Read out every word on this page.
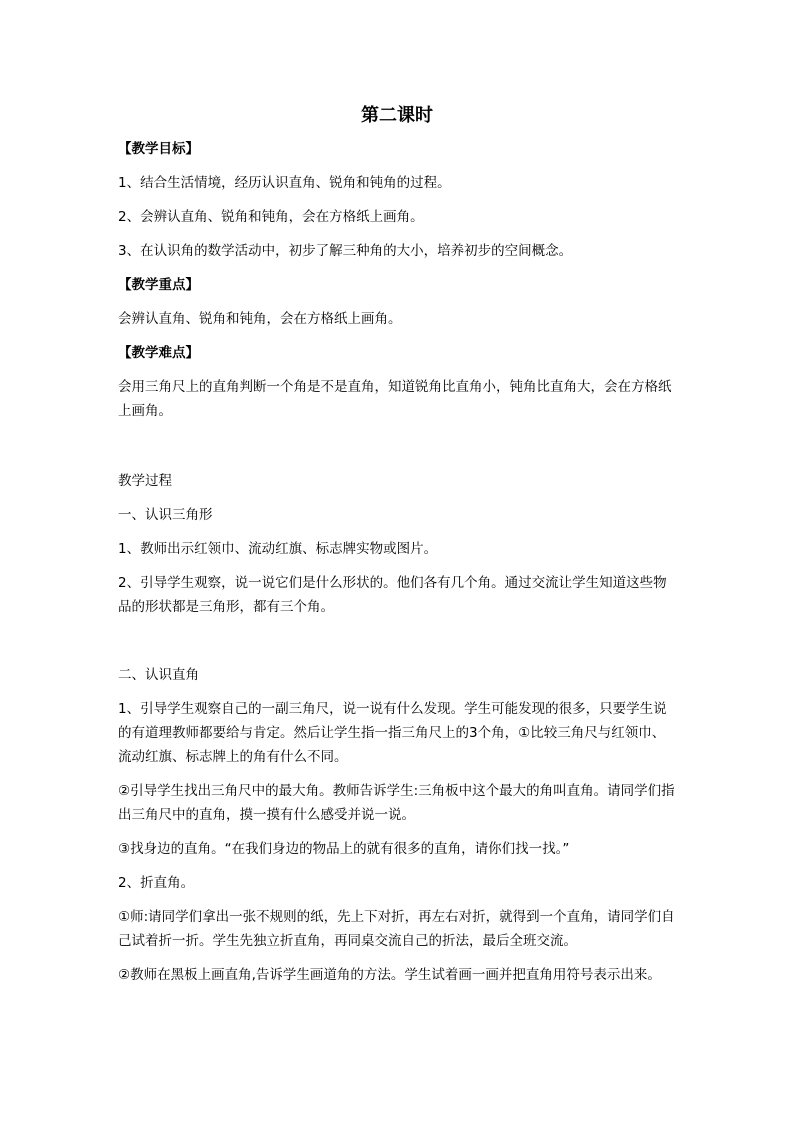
第二课时
【教学目标】

1、结合生活情境，经历认识直角、锐角和钝角的过程。

2、会辨认直角、锐角和钝角，会在方格纸上画角。

3、在认识角的数学活动中，初步了解三种角的大小，培养初步的空间概念。

【教学重点】

会辨认直角、锐角和钝角，会在方格纸上画角。

【教学难点】

会用三角尺上的直角判断一个角是不是直角，知道锐角比直角小，钝角比直角大，会在方格纸上画角。

教学过程

一、认识三角形

1、教师出示红领巾、流动红旗、标志牌实物或图片。

2、引导学生观察，说一说它们是什么形状的。他们各有几个角。通过交流让学生知道这些物品的形状都是三角形，都有三个角。

二、认识直角

1、引导学生观察自己的一副三角尺，说一说有什么发现。学生可能发现的很多，只要学生说的有道理教师都要给与肯定。然后让学生指一指三角尺上的3个角，①比较三角尺与红领巾、流动红旗、标志牌上的角有什么不同。

②引导学生找出三角尺中的最大角。教师告诉学生:三角板中这个最大的角叫直角。请同学们指出三角尺中的直角，摸一摸有什么感受并说一说。

③找身边的直角。“在我们身边的物品上的就有很多的直角，请你们找一找。”

2、折直角。

①师:请同学们拿出一张不规则的纸，先上下对折，再左右对折，就得到一个直角，请同学们自己试着折一折。学生先独立折直角，再同桌交流自己的折法，最后全班交流。

②教师在黑板上画直角,告诉学生画道角的方法。学生试着画一画并把直角用符号表示出来。
